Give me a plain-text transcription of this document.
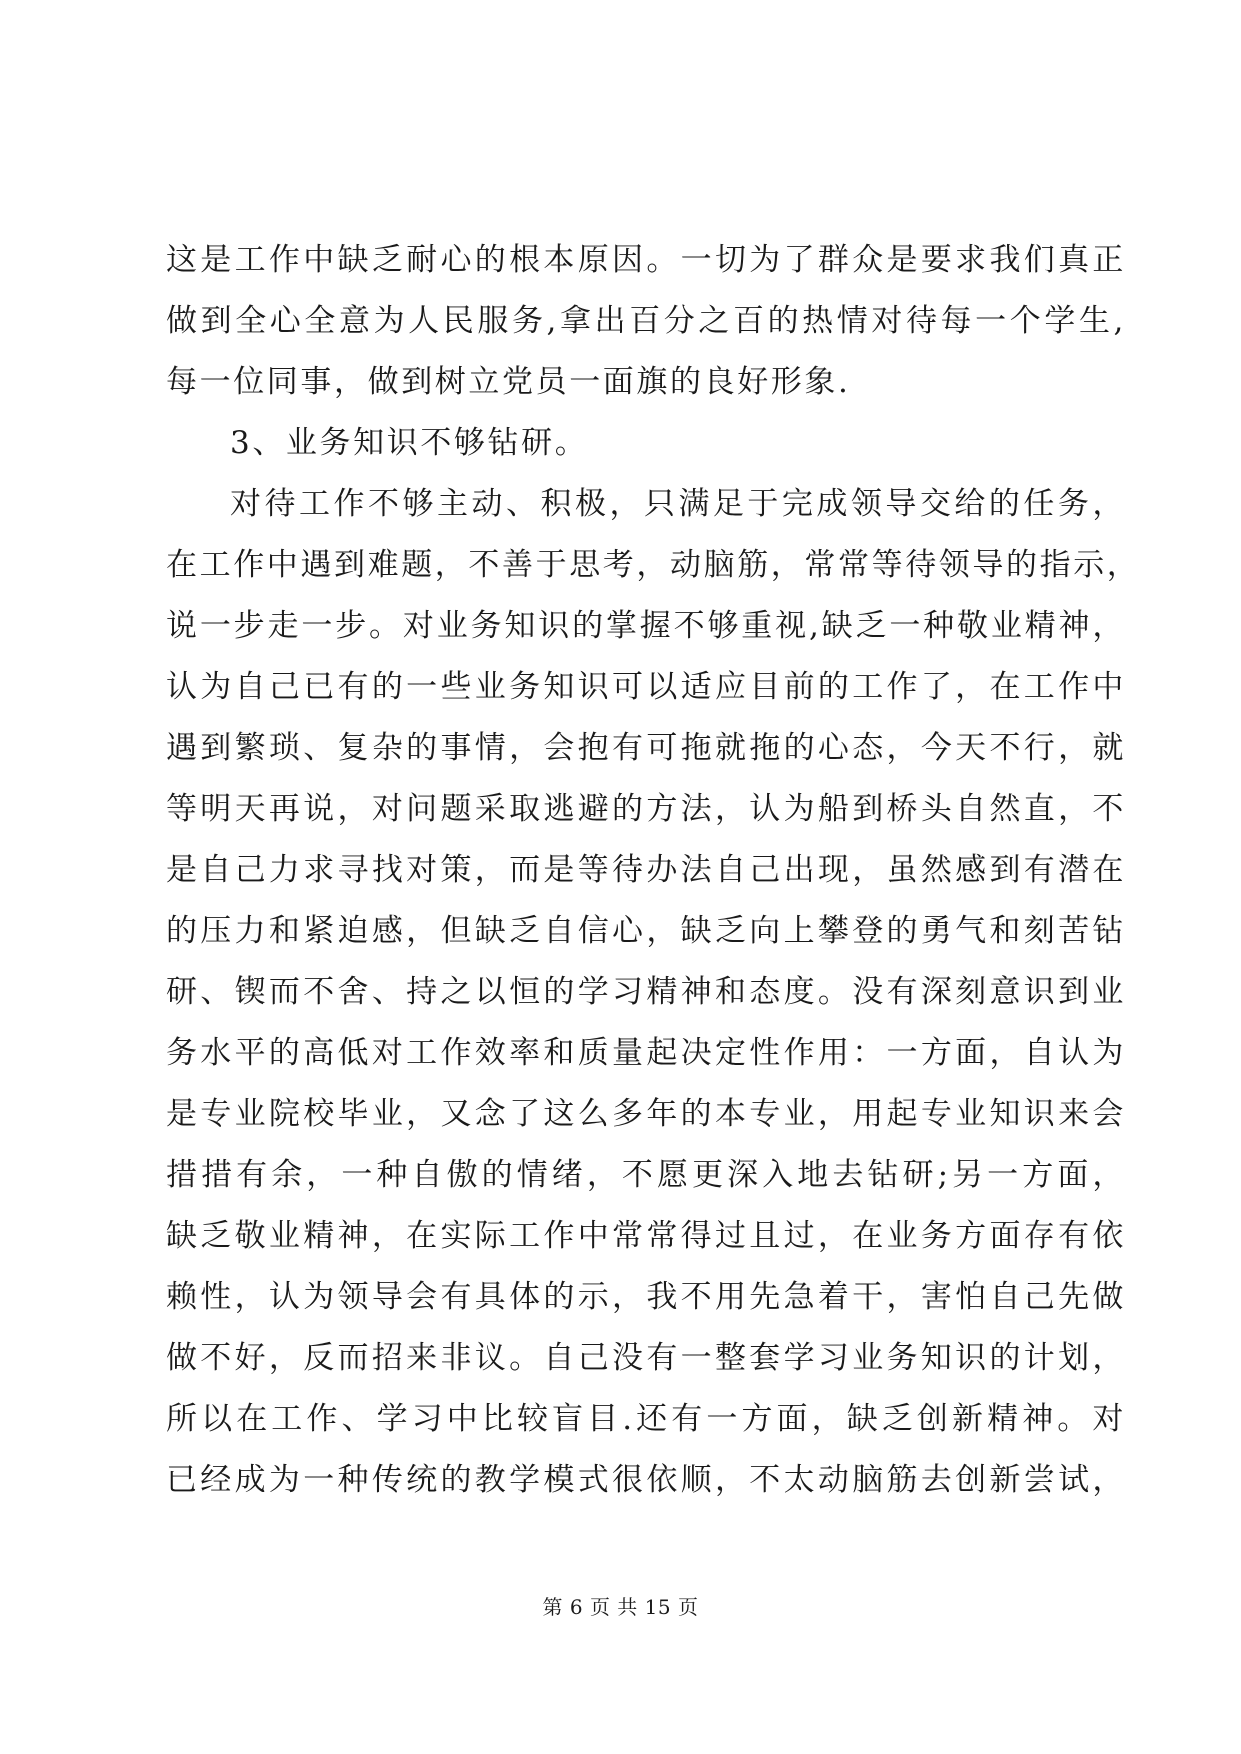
这是工作中缺乏耐心的根本原因。一切为了群众是要求我们真正
做到全心全意为人民服务,拿出百分之百的热情对待每一个学生,
每一位同事，做到树立党员一面旗的良好形象.
3、业务知识不够钻研。
对待工作不够主动、积极，只满足于完成领导交给的任务，
在工作中遇到难题，不善于思考，动脑筋，常常等待领导的指示，
说一步走一步。对业务知识的掌握不够重视,缺乏一种敬业精神，
认为自己已有的一些业务知识可以适应目前的工作了，在工作中
遇到繁琐、复杂的事情，会抱有可拖就拖的心态，今天不行，就
等明天再说，对问题采取逃避的方法，认为船到桥头自然直，不
是自己力求寻找对策，而是等待办法自己出现，虽然感到有潜在
的压力和紧迫感，但缺乏自信心，缺乏向上攀登的勇气和刻苦钻
研、锲而不舍、持之以恒的学习精神和态度。没有深刻意识到业
务水平的高低对工作效率和质量起决定性作用：一方面，自认为
是专业院校毕业，又念了这么多年的本专业，用起专业知识来会
措措有余，一种自傲的情绪，不愿更深入地去钻研;另一方面，
缺乏敬业精神，在实际工作中常常得过且过，在业务方面存有依
赖性，认为领导会有具体的示，我不用先急着干，害怕自己先做
做不好，反而招来非议。自己没有一整套学习业务知识的计划，
所以在工作、学习中比较盲目.还有一方面，缺乏创新精神。对
已经成为一种传统的教学模式很依顺，不太动脑筋去创新尝试，
第 6 页 共 15 页
